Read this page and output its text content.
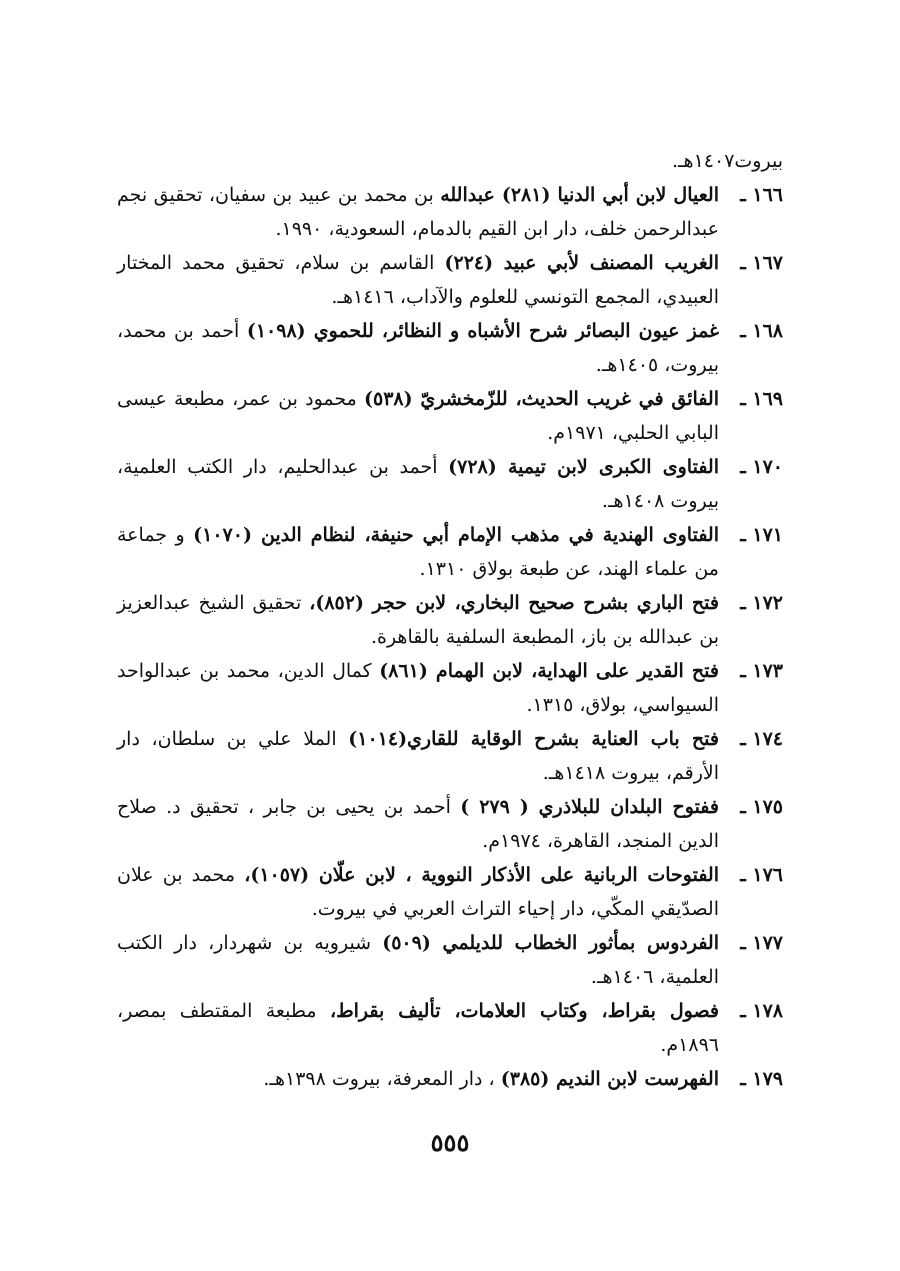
بيروت١٤٠٧هـ.
١٦٦ ـ
العيال لابن أبي الدنيا (٢٨١) عبدالله بن محمد بن عبيد بن سفيان، تحقيق نجم عبدالرحمن خلف، دار ابن القيم بالدمام، السعودية، ١٩٩٠.
١٦٧ ـ
الغريب المصنف لأبي عبيد (٢٢٤) القاسم بن سلام، تحقيق محمد المختار العبيدي، المجمع التونسي للعلوم والآداب، ١٤١٦هـ.
١٦٨ ـ
غمز عيون البصائر شرح الأشباه و النظائر، للحموي (١٠٩٨) أحمد بن محمد، بيروت، ١٤٠٥هـ.
١٦٩ ـ
الفائق في غريب الحديث، للزّمخشريّ (٥٣٨) محمود بن عمر، مطبعة عيسى البابي الحلبي، ١٩٧١م.
١٧٠ ـ
الفتاوى الكبرى لابن تيمية (٧٢٨) أحمد بن عبدالحليم، دار الكتب العلمية، بيروت ١٤٠٨هـ.
١٧١ ـ
الفتاوى الهندية في مذهب الإمام أبي حنيفة، لنظام الدين (١٠٧٠) و جماعة من علماء الهند، عن طبعة بولاق ١٣١٠.
١٧٢ ـ
فتح الباري بشرح صحيح البخاري، لابن حجر (٨٥٢)، تحقيق الشيخ عبدالعزيز بن عبدالله بن باز، المطبعة السلفية بالقاهرة.
١٧٣ ـ
فتح القدير على الهداية، لابن الهمام (٨٦١) كمال الدين، محمد بن عبدالواحد السيواسي، بولاق، ١٣١٥.
١٧٤ ـ
فتح باب العناية بشرح الوقاية للقاري(١٠١٤) الملا علي بن سلطان، دار الأرقم، بيروت ١٤١٨هـ.
١٧٥ ـ
ففتوح البلدان للبلاذري ( ٢٧٩ ) أحمد بن يحيى بن جابر ، تحقيق د. صلاح الدين المنجد، القاهرة، ١٩٧٤م.
١٧٦ ـ
الفتوحات الربانية على الأذكار النووية ، لابن علّان (١٠٥٧)، محمد بن علان الصدّيقي المكّي، دار إحياء التراث العربي في بيروت.
١٧٧ ـ
الفردوس بمأثور الخطاب للديلمي (٥٠٩) شيرويه بن شهردار، دار الكتب العلمية، ١٤٠٦هـ.
١٧٨ ـ
فصول بقراط، وكتاب العلامات، تأليف بقراط، مطبعة المقتطف بمصر، ١٨٩٦م.
١٧٩ ـ
الفهرست لابن النديم (٣٨٥) ، دار المعرفة، بيروت ١٣٩٨هـ.
٥٥٥
